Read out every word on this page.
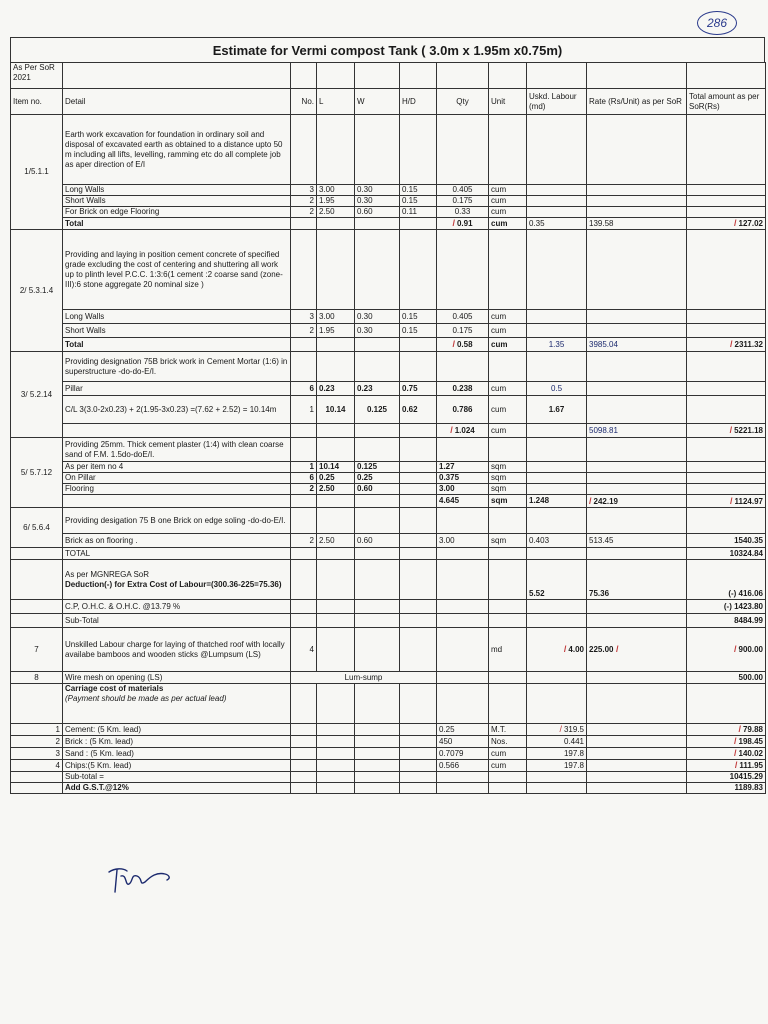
286
Estimate for Vermi compost Tank ( 3.0m x 1.95m x0.75m)
As Per SoR
2021										

Item no.	Detail	No.	L	W	H/D	Qty	Unit	Uskd. Labour (md)	Rate (Rs/Unit) as per SoR	Total amount as per SoR(Rs)
1/5.1.1	Earth work excavation for foundation in ordinary soil and disposal of excavated earth as obtained to a distance upto 50 m including all lifts, levelling, ramming etc do all complete job as aper direction of E/I									
	Long Walls	3	3.00	0.30	0.15	0.405	cum			
	Short Walls	2	1.95	0.30	0.15	0.175	cum			
	For Brick on edge Flooring	2	2.50	0.60	0.11	0.33	cum			
	Total					/ 0.91	cum	0.35	139.58	/ 127.02
2/ 5.3.1.4	Providing and laying in position cement concrete of specified grade excluding the cost of centering and shuttering all work up to plinth level P.C.C. 1:3:6(1 cement :2 coarse sand (zone-III):6 stone aggregate 20 nominal size )									
	Long Walls	3	3.00	0.30	0.15	0.405	cum			
	Short Walls	2	1.95	0.30	0.15	0.175	cum			
	Total					/ 0.58	cum	1.35	3985.04	/ 2311.32
3/ 5.2.14	Providing designation 75B brick work in Cement Mortar (1:6) in superstructure -do-do-E/I.									
	Pillar	6	0.23	0.23	0.75	0.238	cum	0.5		
	C/L 3(3.0-2x0.23) + 2(1.95-3x0.23) =(7.62 + 2.52) = 10.14m	1	10.14	0.125	0.62	0.786	cum	1.67		
						/ 1.024	cum		5098.81	/ 5221.18
5/ 5.7.12	Providing 25mm. Thick cement plaster (1:4) with clean coarse sand of F.M. 1.5do-doE/I.									
	As per item no 4	1	10.14	0.125		1.27	sqm			
	On Pillar	6	0.25	0.25		0.375	sqm			
	Flooring	2	2.50	0.60		3.00	sqm			
						4.645	sqm	1.248	/ 242.19	/ 1124.97
6/ 5.6.4	Providing desigation 75 B one Brick on edge soling -do-do-E/I.									
	Brick as on flooring .	2	2.50	0.60		3.00	sqm	0.403	513.45	1540.35
	TOTAL									10324.84

	As per MGNREGA SoR
Deduction(-) for Extra Cost of Labour=(300.36-225=75.36)							5.52	75.36	(-) 416.06
	C.P, O.H.C. & O.H.C. @13.79 %									(-) 1423.80
	Sub-Total									8484.99
7	Unskilled Labour charge for laying of thatched roof with locally availabe bamboos and wooden sticks @Lumpsum (LS)	4					md	/ 4.00	225.00 /	/ 900.00
8	Wire mesh on opening (LS)	Lum-sump								500.00

	Carriage cost of materials
(Payment should be made as per actual lead)									

1	Cement: (5 Km. lead)					0.25	M.T.	/ 319.5		/ 79.88
2	Brick : (5 Km. lead)					450	Nos.	0.441		/ 198.45
3	Sand : (5 Km. lead)					0.7079	cum	197.8		/ 140.02
4	Chips:(5 Km. lead)					0.566	cum	197.8		/ 111.95
	Sub-total =									10415.29
	Add G.S.T.@12%									1189.83
